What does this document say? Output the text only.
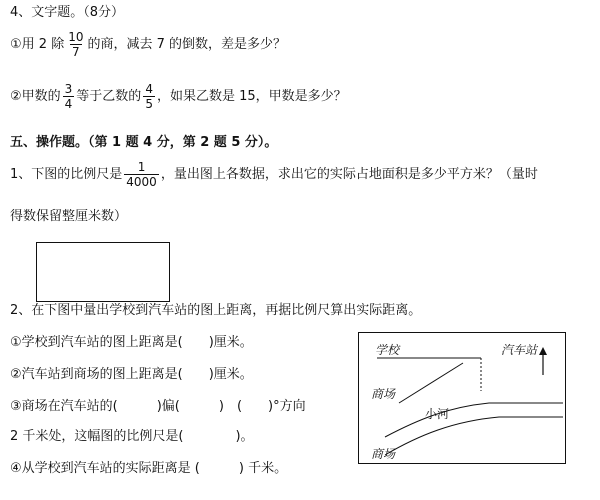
4、文字题。（8分）
①用 2 除 $\frac{10}{7}$ 的商，减去 7 的倒数，差是多少？
②甲数的 $\frac{3}{4}$ 等于乙数的 $\frac{4}{5}$ ，如果乙数是 15，甲数是多少？
五、操作题。（第 1 题 4 分，第 2 题 5 分）。
1、下图的比例尺是 $\frac{1}{4000}$ ，量出图上各数据，求出它的实际占地面积是多少平方米？（量时
得数保留整厘米数）
2、在下图中量出学校到汽车站的图上距离，再据比例尺算出实际距离。
①学校到汽车站的图上距离是(　　)厘米。
②汽车站到商场的图上距离是(　　)厘米。
③商场在汽车站的(　　　)偏(　　　)　(　　)°方向
2 千米处，这幅图的比例尺是(　　　　)。
④从学校到汽车站的实际距离是 (　　　) 千米。
学校	汽车站
商场
小河
商场
